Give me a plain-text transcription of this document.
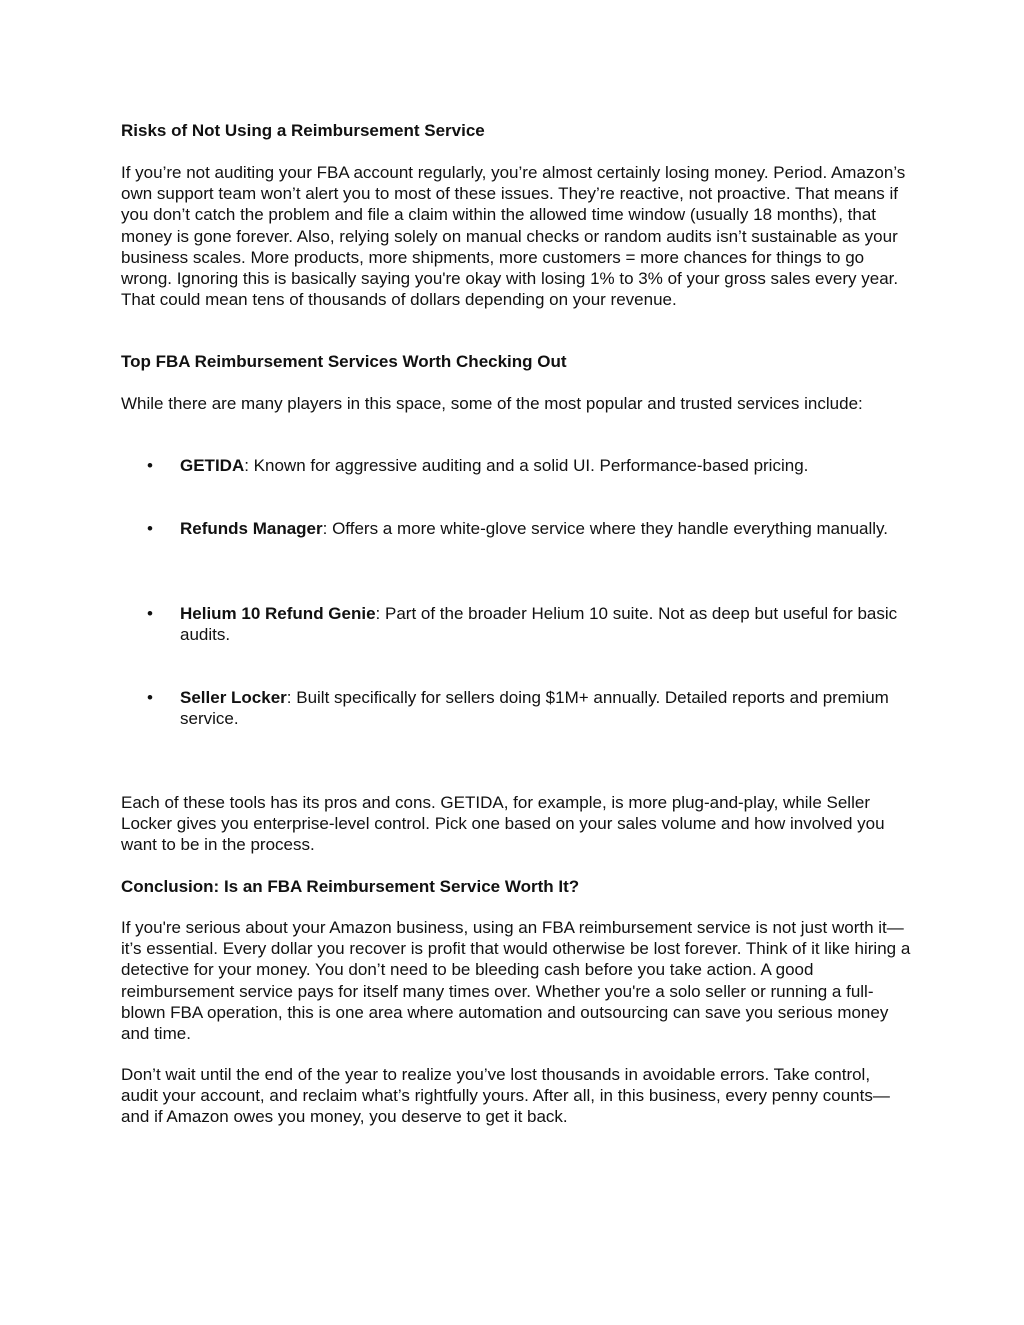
Risks of Not Using a Reimbursement Service

If you’re not auditing your FBA account regularly, you’re almost certainly losing money. Period. Amazon’s own support team won’t alert you to most of these issues. They’re reactive, not proactive. That means if you don’t catch the problem and file a claim within the allowed time window (usually 18 months), that money is gone forever. Also, relying solely on manual checks or random audits isn’t sustainable as your business scales. More products, more shipments, more customers = more chances for things to go wrong. Ignoring this is basically saying you're okay with losing 1% to 3% of your gross sales every year. That could mean tens of thousands of dollars depending on your revenue.

Top FBA Reimbursement Services Worth Checking Out

While there are many players in this space, some of the most popular and trusted services include:

• GETIDA: Known for aggressive auditing and a solid UI. Performance-based pricing.

• Refunds Manager: Offers a more white-glove service where they handle everything manually.

• Helium 10 Refund Genie: Part of the broader Helium 10 suite. Not as deep but useful for basic audits.

• Seller Locker: Built specifically for sellers doing $1M+ annually. Detailed reports and premium service.

Each of these tools has its pros and cons. GETIDA, for example, is more plug-and-play, while Seller Locker gives you enterprise-level control. Pick one based on your sales volume and how involved you want to be in the process.

Conclusion: Is an FBA Reimbursement Service Worth It?

If you're serious about your Amazon business, using an FBA reimbursement service is not just worth it—it’s essential. Every dollar you recover is profit that would otherwise be lost forever. Think of it like hiring a detective for your money. You don’t need to be bleeding cash before you take action. A good reimbursement service pays for itself many times over. Whether you're a solo seller or running a full-blown FBA operation, this is one area where automation and outsourcing can save you serious money and time.

Don’t wait until the end of the year to realize you’ve lost thousands in avoidable errors. Take control, audit your account, and reclaim what’s rightfully yours. After all, in this business, every penny counts—and if Amazon owes you money, you deserve to get it back.
